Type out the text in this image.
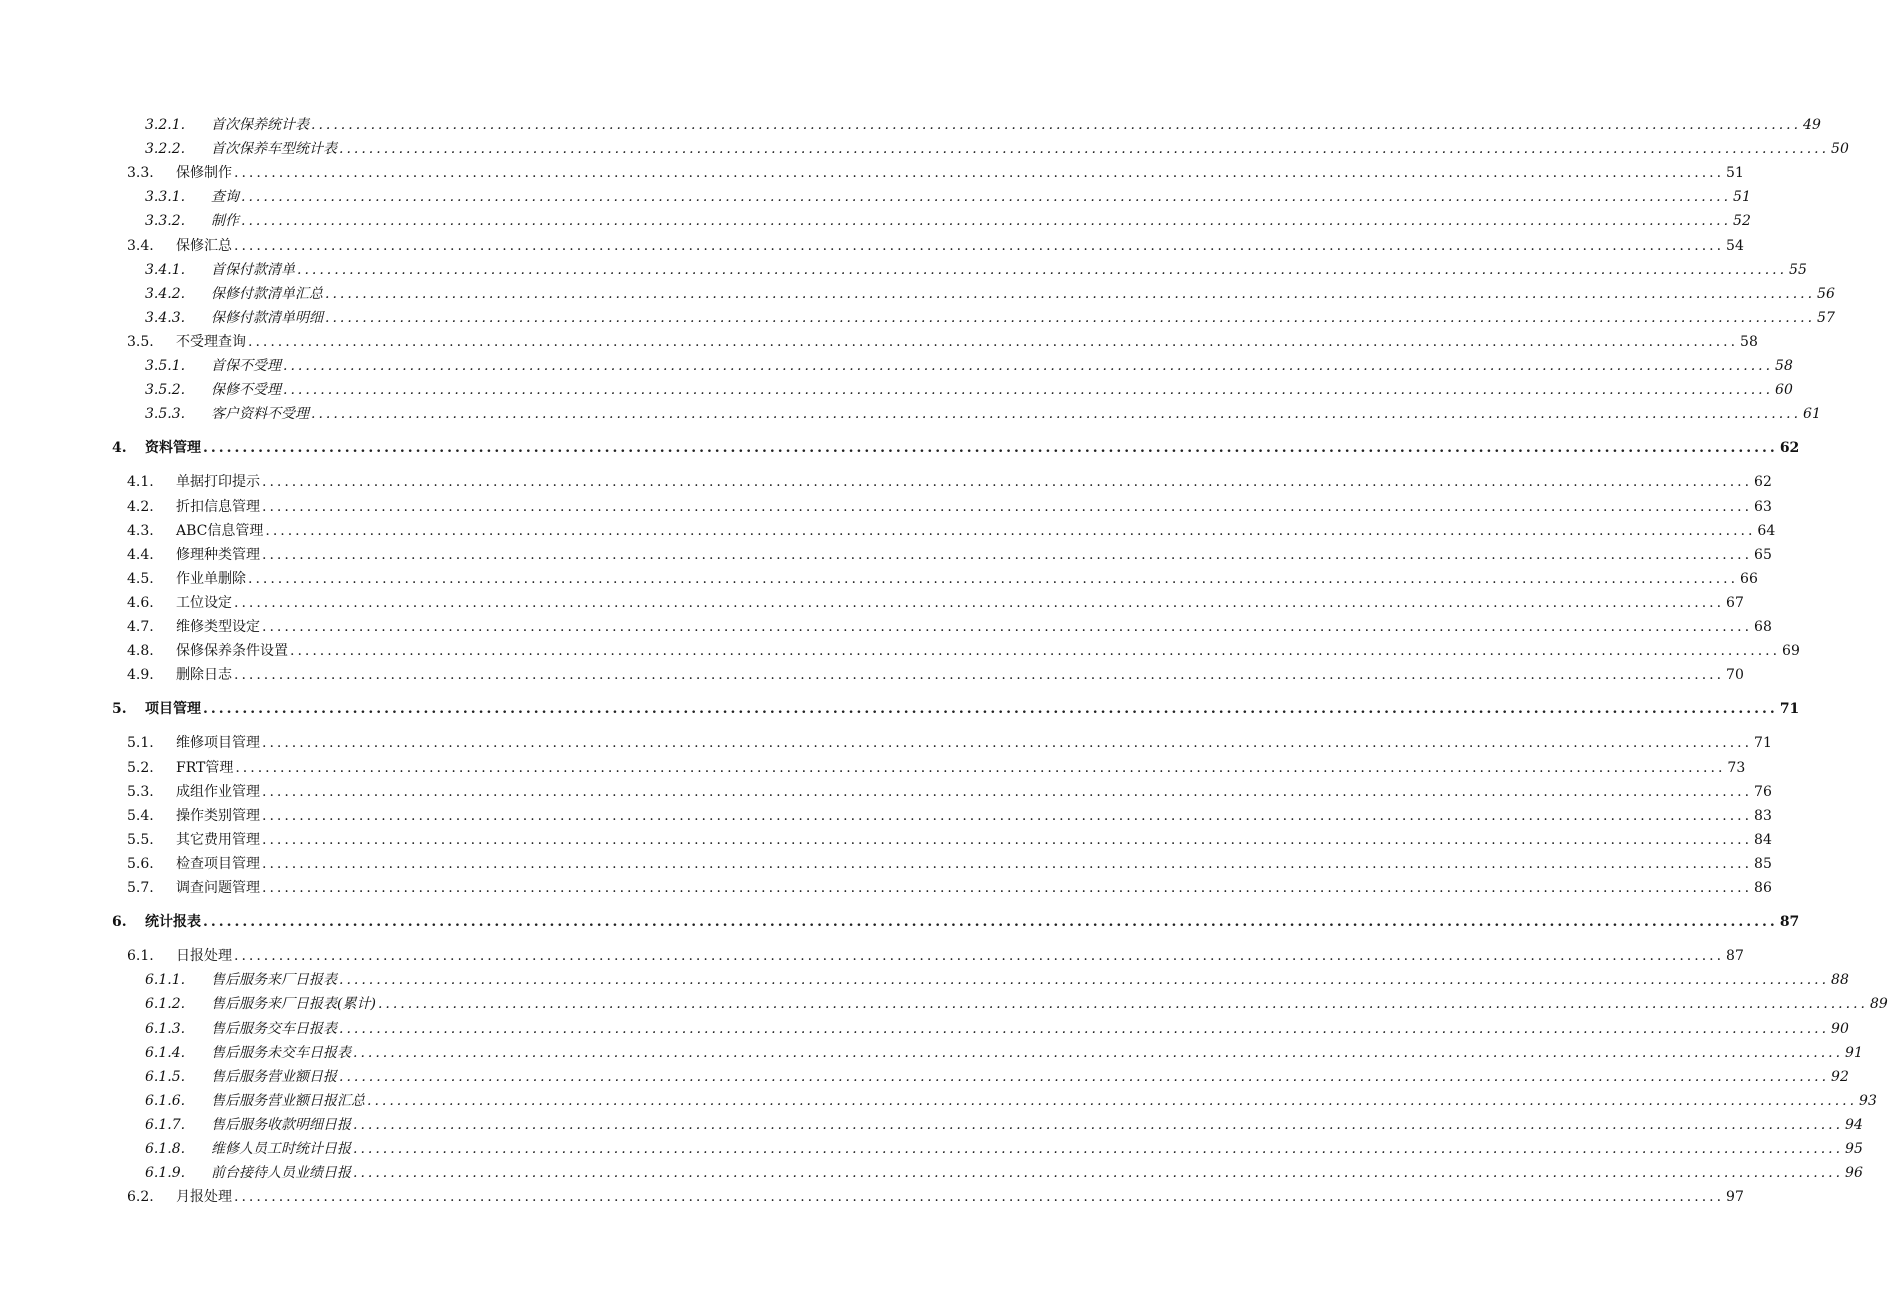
3.2.1.	首次保养统计表 ........................................................................................................................................................................................................ 49
3.2.2.	首次保养车型统计表 ........................................................................................................................................................................................................ 50
3.3.	保修制作 ........................................................................................................................................................................................................ 51
3.3.1.	查询 ........................................................................................................................................................................................................ 51
3.3.2.	制作 ........................................................................................................................................................................................................ 52
3.4.	保修汇总 ........................................................................................................................................................................................................ 54
3.4.1.	首保付款清单 ........................................................................................................................................................................................................ 55
3.4.2.	保修付款清单汇总 ........................................................................................................................................................................................................ 56
3.4.3.	保修付款清单明细 ........................................................................................................................................................................................................ 57
3.5.	不受理查询 ........................................................................................................................................................................................................ 58
3.5.1.	首保不受理 ........................................................................................................................................................................................................ 58
3.5.2.	保修不受理 ........................................................................................................................................................................................................ 60
3.5.3.	客户资料不受理 ........................................................................................................................................................................................................ 61
4.	资料管理 ........................................................................................................................................................................................................ 62
4.1.	单据打印提示 ........................................................................................................................................................................................................ 62
4.2.	折扣信息管理 ........................................................................................................................................................................................................ 63
4.3.	ABC信息管理 ........................................................................................................................................................................................................ 64
4.4.	修理种类管理 ........................................................................................................................................................................................................ 65
4.5.	作业单删除 ........................................................................................................................................................................................................ 66
4.6.	工位设定 ........................................................................................................................................................................................................ 67
4.7.	维修类型设定 ........................................................................................................................................................................................................ 68
4.8.	保修保养条件设置 ........................................................................................................................................................................................................ 69
4.9.	删除日志 ........................................................................................................................................................................................................ 70
5.	项目管理 ........................................................................................................................................................................................................ 71
5.1.	维修项目管理 ........................................................................................................................................................................................................ 71
5.2.	FRT管理 ........................................................................................................................................................................................................ 73
5.3.	成组作业管理 ........................................................................................................................................................................................................ 76
5.4.	操作类别管理 ........................................................................................................................................................................................................ 83
5.5.	其它费用管理 ........................................................................................................................................................................................................ 84
5.6.	检查项目管理 ........................................................................................................................................................................................................ 85
5.7.	调查问题管理 ........................................................................................................................................................................................................ 86
6.	统计报表 ........................................................................................................................................................................................................ 87
6.1.	日报处理 ........................................................................................................................................................................................................ 87
6.1.1.	售后服务来厂日报表 ........................................................................................................................................................................................................ 88
6.1.2.	售后服务来厂日报表(累计) ........................................................................................................................................................................................................ 89
6.1.3.	售后服务交车日报表 ........................................................................................................................................................................................................ 90
6.1.4.	售后服务未交车日报表 ........................................................................................................................................................................................................ 91
6.1.5.	售后服务营业额日报 ........................................................................................................................................................................................................ 92
6.1.6.	售后服务营业额日报汇总 ........................................................................................................................................................................................................ 93
6.1.7.	售后服务收款明细日报 ........................................................................................................................................................................................................ 94
6.1.8.	维修人员工时统计日报 ........................................................................................................................................................................................................ 95
6.1.9.	前台接待人员业绩日报 ........................................................................................................................................................................................................ 96
6.2.	月报处理 ........................................................................................................................................................................................................ 97
